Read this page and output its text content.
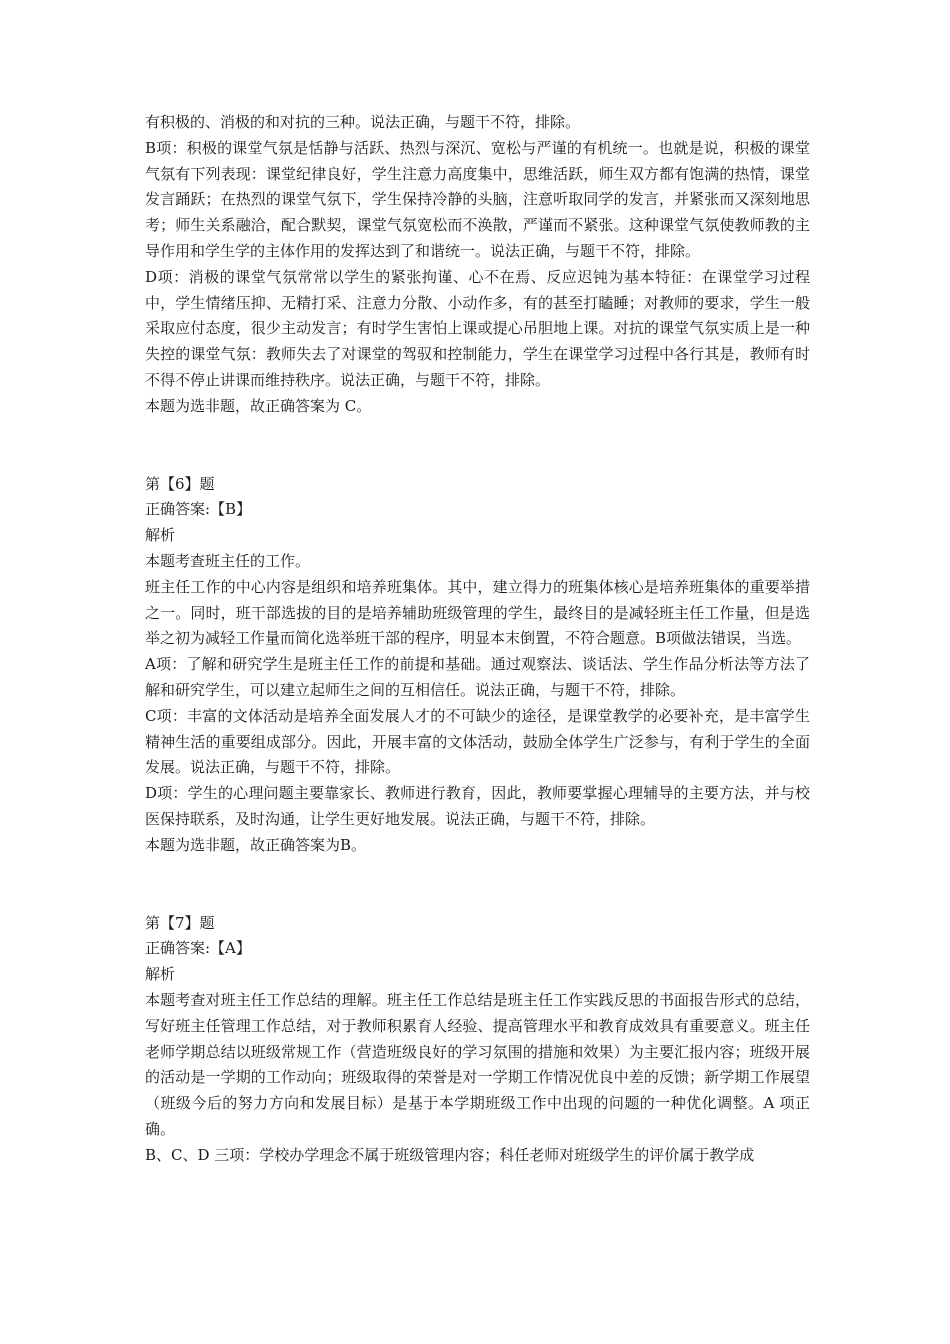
有积极的、消极的和对抗的三种。说法正确，与题干不符，排除。

B项：积极的课堂气氛是恬静与活跃、热烈与深沉、宽松与严谨的有机统一。也就是说，积极的课堂气氛有下列表现：课堂纪律良好，学生注意力高度集中，思维活跃，师生双方都有饱满的热情，课堂发言踊跃；在热烈的课堂气氛下，学生保持冷静的头脑，注意听取同学的发言，并紧张而又深刻地思考；师生关系融洽，配合默契，课堂气氛宽松而不涣散，严谨而不紧张。这种课堂气氛使教师教的主导作用和学生学的主体作用的发挥达到了和谐统一。说法正确，与题干不符，排除。

D项：消极的课堂气氛常常以学生的紧张拘谨、心不在焉、反应迟钝为基本特征：在课堂学习过程中，学生情绪压抑、无精打采、注意力分散、小动作多，有的甚至打瞌睡；对教师的要求，学生一般采取应付态度，很少主动发言；有时学生害怕上课或提心吊胆地上课。对抗的课堂气氛实质上是一种失控的课堂气氛：教师失去了对课堂的驾驭和控制能力，学生在课堂学习过程中各行其是，教师有时不得不停止讲课而维持秩序。说法正确，与题干不符，排除。

本题为选非题，故正确答案为 C。

第【6】题

正确答案:【B】

解析

本题考查班主任的工作。

班主任工作的中心内容是组织和培养班集体。其中，建立得力的班集体核心是培养班集体的重要举措之一。同时，班干部选拔的目的是培养辅助班级管理的学生，最终目的是减轻班主任工作量，但是选举之初为减轻工作量而简化选举班干部的程序，明显本末倒置，不符合题意。B项做法错误，当选。

A项：了解和研究学生是班主任工作的前提和基础。通过观察法、谈话法、学生作品分析法等方法了解和研究学生，可以建立起师生之间的互相信任。说法正确，与题干不符，排除。

C项：丰富的文体活动是培养全面发展人才的不可缺少的途径，是课堂教学的必要补充，是丰富学生精神生活的重要组成部分。因此，开展丰富的文体活动，鼓励全体学生广泛参与，有利于学生的全面发展。说法正确，与题干不符，排除。

D项：学生的心理问题主要靠家长、教师进行教育，因此，教师要掌握心理辅导的主要方法，并与校医保持联系，及时沟通，让学生更好地发展。说法正确，与题干不符，排除。

本题为选非题，故正确答案为B。

第【7】题

正确答案:【A】

解析

本题考查对班主任工作总结的理解。班主任工作总结是班主任工作实践反思的书面报告形式的总结，写好班主任管理工作总结，对于教师积累育人经验、提高管理水平和教育成效具有重要意义。班主任老师学期总结以班级常规工作（营造班级良好的学习氛围的措施和效果）为主要汇报内容；班级开展的活动是一学期的工作动向；班级取得的荣誉是对一学期工作情况优良中差的反馈；新学期工作展望（班级今后的努力方向和发展目标）是基于本学期班级工作中出现的问题的一种优化调整。A 项正确。

B、C、D 三项：学校办学理念不属于班级管理内容；科任老师对班级学生的评价属于教学成
